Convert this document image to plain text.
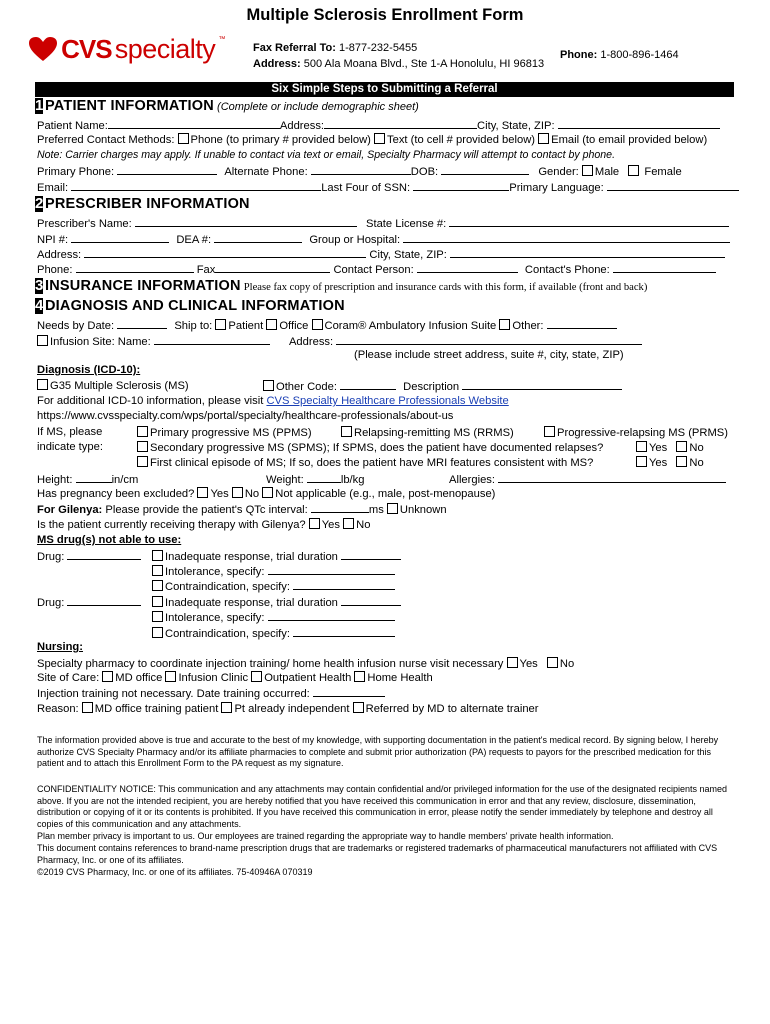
Multiple Sclerosis Enrollment Form
CVS specialty ™
Fax Referral To: 1-877-232-5455
Address: 500 Ala Moana Blvd., Ste 1-A Honolulu, HI 96813
Phone: 1-800-896-1464
Six Simple Steps to Submitting a Referral
1 PATIENT INFORMATION (Complete or include demographic sheet)
Patient Name:	Address:	City, State, ZIP:
Preferred Contact Methods: Phone (to primary # provided below) Text (to cell # provided below) Email (to email provided below)
Note: Carrier charges may apply. If unable to contact via text or email, Specialty Pharmacy will attempt to contact by phone.
Primary Phone:	Alternate Phone:	DOB:	Gender: Male Female
Email:	Last Four of SSN:	Primary Language:
2 PRESCRIBER INFORMATION
Prescriber's Name:	State License #:
NPI #:	DEA #:	Group or Hospital:
Address:	City, State, ZIP:
Phone:	Fax	Contact Person:	Contact's Phone:
3 INSURANCE INFORMATION Please fax copy of prescription and insurance cards with this form, if available (front and back)
4 DIAGNOSIS AND CLINICAL INFORMATION
Needs by Date:	Ship to: Patient Office Coram® Ambulatory Infusion Suite Other:
Infusion Site: Name:	Address:
(Please include street address, suite #, city, state, ZIP)
Diagnosis (ICD-10):
G35 Multiple Sclerosis (MS)	Other Code:	Description
For additional ICD-10 information, please visit CVS Specialty Healthcare Professionals Website
https://www.cvsspecialty.com/wps/portal/specialty/healthcare-professionals/about-us
If MS, please
indicate type:
Primary progressive MS (PPMS)	Relapsing-remitting MS (RRMS)	Progressive-relapsing MS (PRMS)
Secondary progressive MS (SPMS); If SPMS, does the patient have documented relapses?	Yes No
First clinical episode of MS; If so, does the patient have MRI features consistent with MS?	Yes No
Height:	in/cm	Weight:	lb/kg	Allergies:
Has pregnancy been excluded? Yes No Not applicable (e.g., male, post-menopause)
For Gilenya: Please provide the patient's QTc interval:	ms Unknown
Is the patient currently receiving therapy with Gilenya? Yes No
MS drug(s) not able to use:
Drug:	Inadequate response, trial duration
Intolerance, specify:
Contraindication, specify:
Drug:	Inadequate response, trial duration
Intolerance, specify:
Contraindication, specify:
Nursing:
Specialty pharmacy to coordinate injection training/ home health infusion nurse visit necessary Yes No
Site of Care: MD office Infusion Clinic Outpatient Health Home Health
Injection training not necessary. Date training occurred:
Reason: MD office training patient Pt already independent Referred by MD to alternate trainer
The information provided above is true and accurate to the best of my knowledge, with supporting documentation in the patient's medical record. By signing below, I hereby authorize CVS Specialty Pharmacy and/or its affiliate pharmacies to complete and submit prior authorization (PA) requests to payors for the prescribed medication for this patient and to attach this Enrollment Form to the PA request as my signature.
CONFIDENTIALITY NOTICE: This communication and any attachments may contain confidential and/or privileged information for the use of the designated recipients named above. If you are not the intended recipient, you are hereby notified that you have received this communication in error and that any review, disclosure, dissemination, distribution or copying of it or its contents is prohibited. If you have received this communication in error, please notify the sender immediately by telephone and destroy all copies of this communication and any attachments.
Plan member privacy is important to us. Our employees are trained regarding the appropriate way to handle members' private health information.
This document contains references to brand-name prescription drugs that are trademarks or registered trademarks of pharmaceutical manufacturers not affiliated with CVS Pharmacy, Inc. or one of its affiliates.
©2019 CVS Pharmacy, Inc. or one of its affiliates. 75-40946A 070319
